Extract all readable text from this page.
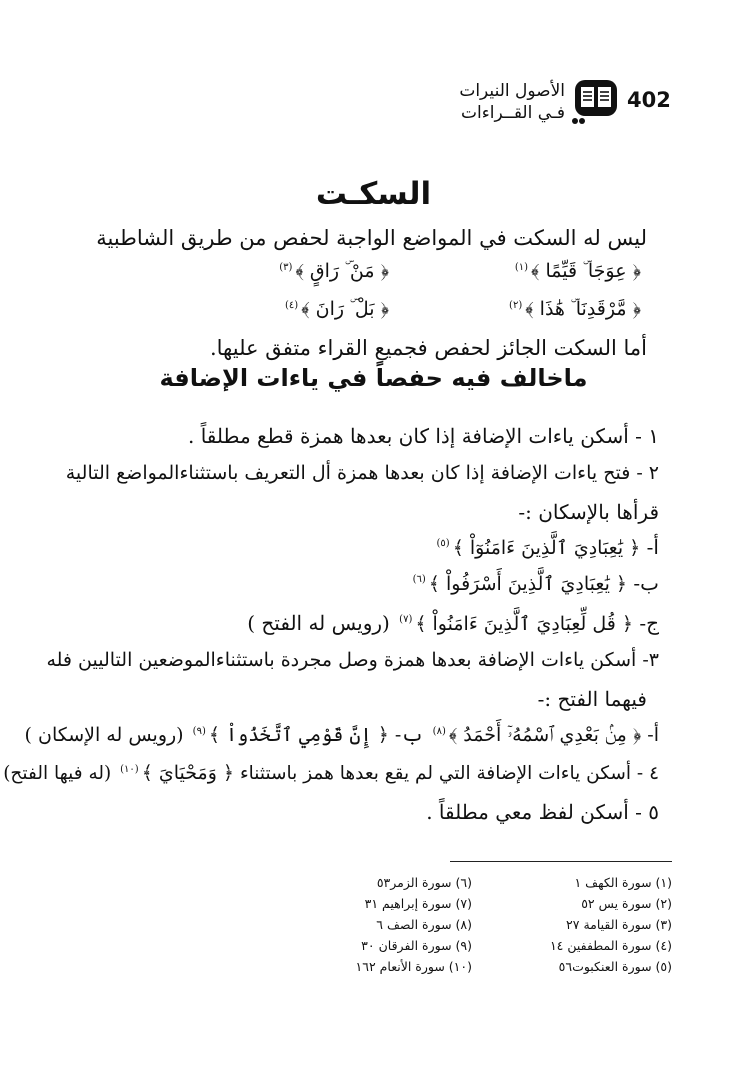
402
الأصول النيرات
فـي القــراءات
السكـت
ليس له السكت في المواضع الواجبة لحفص من طريق الشاطبية
﴿ عِوَجَا ۜ قَيِّمًا ﴾$^{(١)}$
﴿ مَنْ ۜ رَاقٍ ﴾$^{(٣)}$
﴿ مَّرْقَدِنَا ۜ هَٰذَا ﴾$^{(٢)}$
﴿ بَلْ ۜ رَانَ ﴾$^{(٤)}$
أما السكت الجائز لحفص فجميع القراء متفق عليها.
ماخالف فيه حفصاً في ياءات الإضافة
١ - أسكن ياءات الإضافة إذا كان بعدها همزة قطع مطلقاً .
٢ - فتح ياءات الإضافة إذا كان بعدها همزة أل التعريف باستثناءالمواضع التالية
قرأها بالإسكان :-
أ- ﴿ يَٰعِبَادِيَ ٱلَّذِينَ ءَامَنُوٓاْ ﴾$^{(٥)}$
ب- ﴿ يَٰعِبَادِيَ ٱلَّذِينَ أَسْرَفُواْ ﴾$^{(٦)}$
ج- ﴿ قُل لِّعِبَادِيَ ٱلَّذِينَ ءَامَنُواْ ﴾$^{(٧)}$ (رويس له الفتح )
٣- أسكن ياءات الإضافة بعدها همزة وصل مجردة باستثناءالموضعين التاليين فله
فيهما الفتح :-
أ- ﴿ مِنۢ بَعْدِي ٱسْمُهُۥٓ أَحْمَدُ ﴾$^{(٨)}$ ب- ﴿ إِنَّ قَوْمِي ٱتَّخَذُواْ ﴾$^{(٩)}$ (رويس له الإسكان )
٤ - أسكن ياءات الإضافة التي لم يقع بعدها همز باستثناء ﴿ وَمَحْيَايَ ﴾$^{(١٠)}$ (له فيها الفتح)
٥ - أسكن لفظ معي مطلقاً .
(١) سورة الكهف ١
(٢) سورة يس ٥٢
(٣) سورة القيامة ٢٧
(٤) سورة المطففين ١٤
(٥) سورة العنكبوت٥٦
(٦) سورة الزمر٥٣
(٧) سورة إبراهيم ٣١
(٨) سورة الصف ٦
(٩) سورة الفرقان ٣٠
(١٠) سورة الأنعام ١٦٢
